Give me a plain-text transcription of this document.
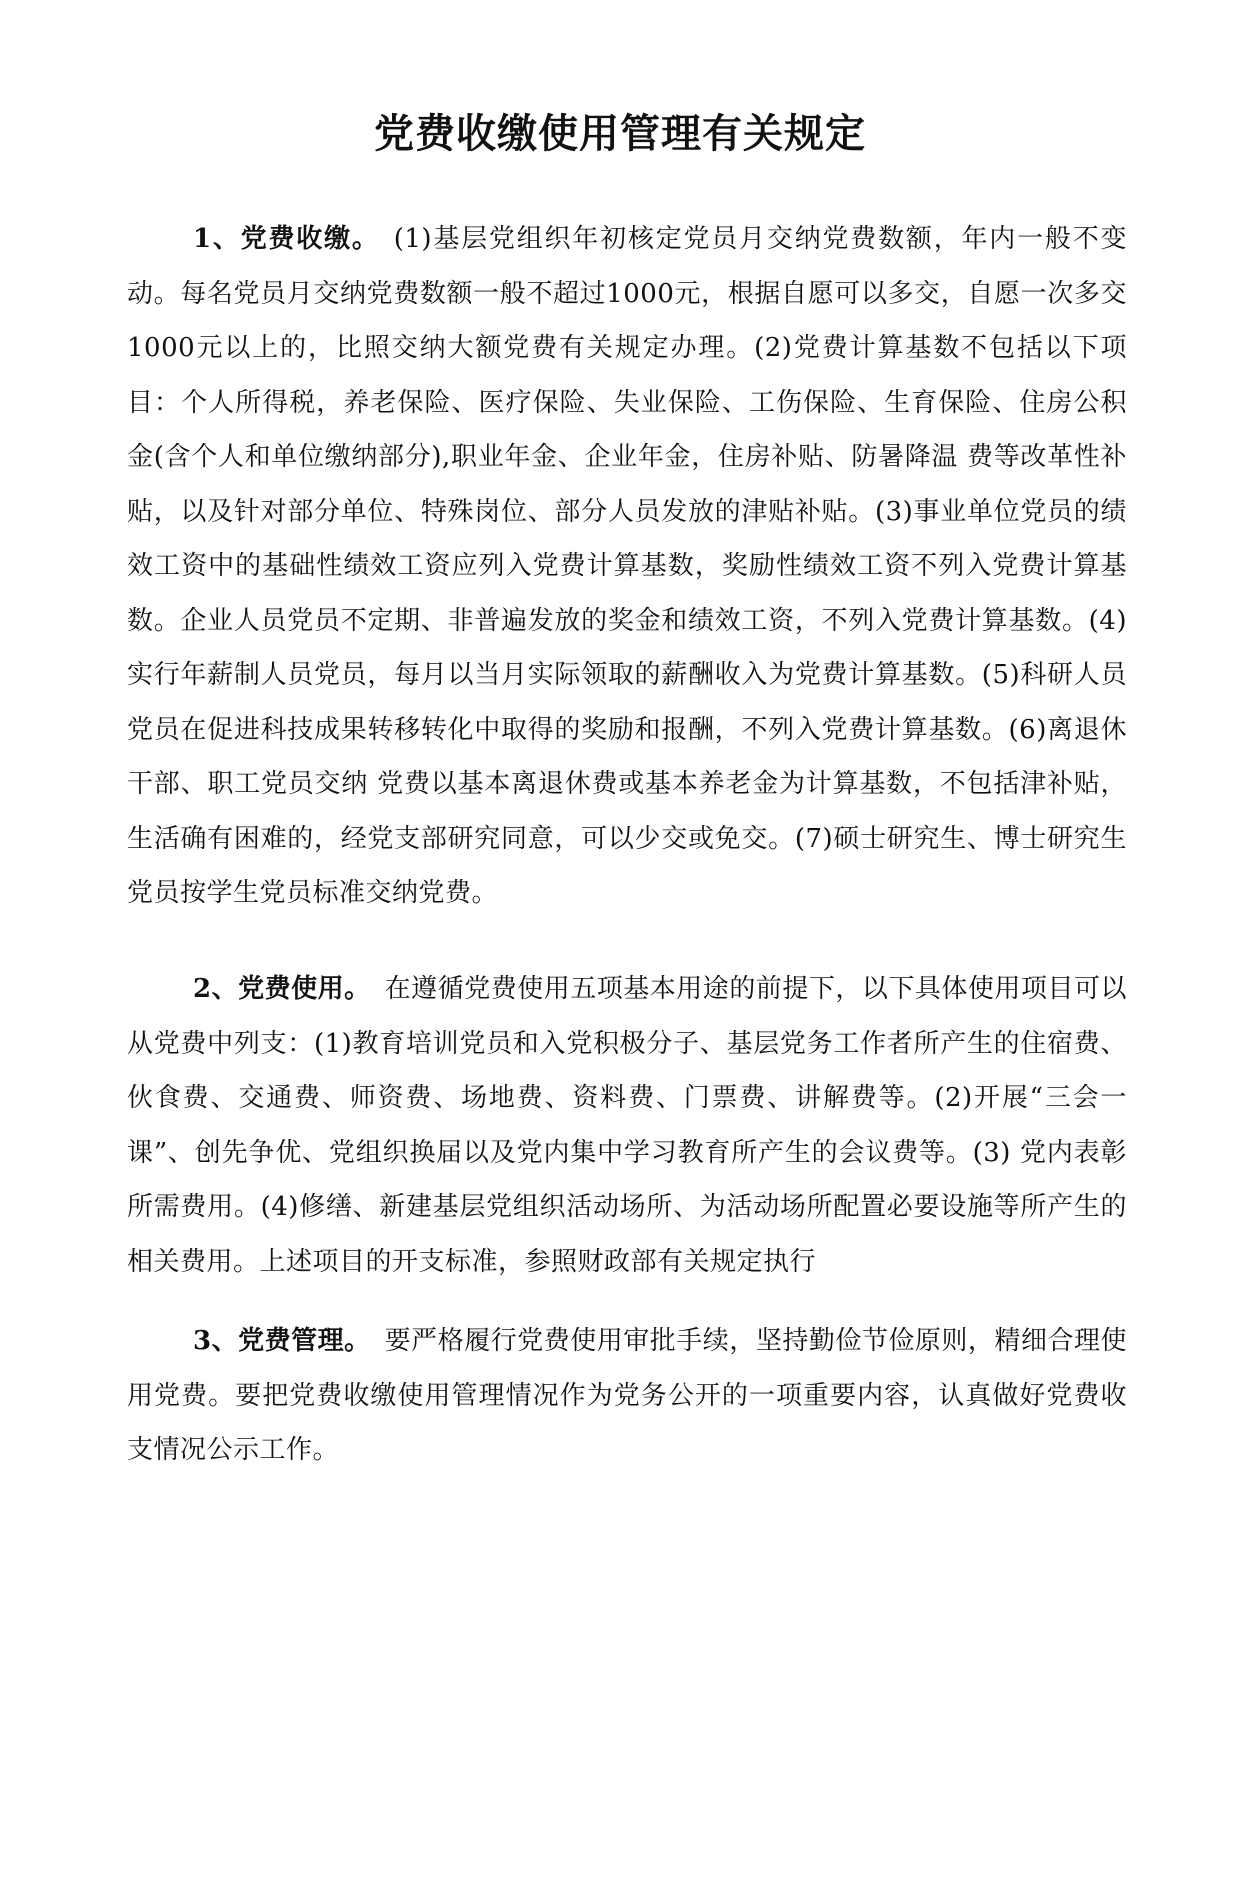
党费收缴使用管理有关规定

1、党费收缴。 (1)基层党组织年初核定党员月交纳党费数额，年内一般不变动。每名党员月交纳党费数额一般不超过1000元，根据自愿可以多交，自愿一次多交1000元以上的，比照交纳大额党费有关规定办理。(2)党费计算基数不包括以下项目：个人所得税，养老保险、医疗保险、失业保险、工伤保险、生育保险、住房公积金(含个人和单位缴纳部分),职业年金、企业年金，住房补贴、防暑降温 费等改革性补贴，以及针对部分单位、特殊岗位、部分人员发放的津贴补贴。(3)事业单位党员的绩效工资中的基础性绩效工资应列入党费计算基数，奖励性绩效工资不列入党费计算基数。企业人员党员不定期、非普遍发放的奖金和绩效工资，不列入党费计算基数。(4)实行年薪制人员党员，每月以当月实际领取的薪酬收入为党费计算基数。(5)科研人员党员在促进科技成果转移转化中取得的奖励和报酬，不列入党费计算基数。(6)离退休干部、职工党员交纳 党费以基本离退休费或基本养老金为计算基数，不包括津补贴，生活确有困难的，经党支部研究同意，可以少交或免交。(7)硕士研究生、博士研究生党员按学生党员标准交纳党费。

2、党费使用。 在遵循党费使用五项基本用途的前提下，以下具体使用项目可以从党费中列支：(1)教育培训党员和入党积极分子、基层党务工作者所产生的住宿费、伙食费、交通费、师资费、场地费、资料费、门票费、讲解费等。(2)开展“三会一课”、创先争优、党组织换届以及党内集中学习教育所产生的会议费等。(3) 党内表彰所需费用。(4)修缮、新建基层党组织活动场所、为活动场所配置必要设施等所产生的相关费用。上述项目的开支标准，参照财政部有关规定执行

3、党费管理。 要严格履行党费使用审批手续，坚持勤俭节俭原则，精细合理使用党费。要把党费收缴使用管理情况作为党务公开的一项重要内容，认真做好党费收支情况公示工作。
